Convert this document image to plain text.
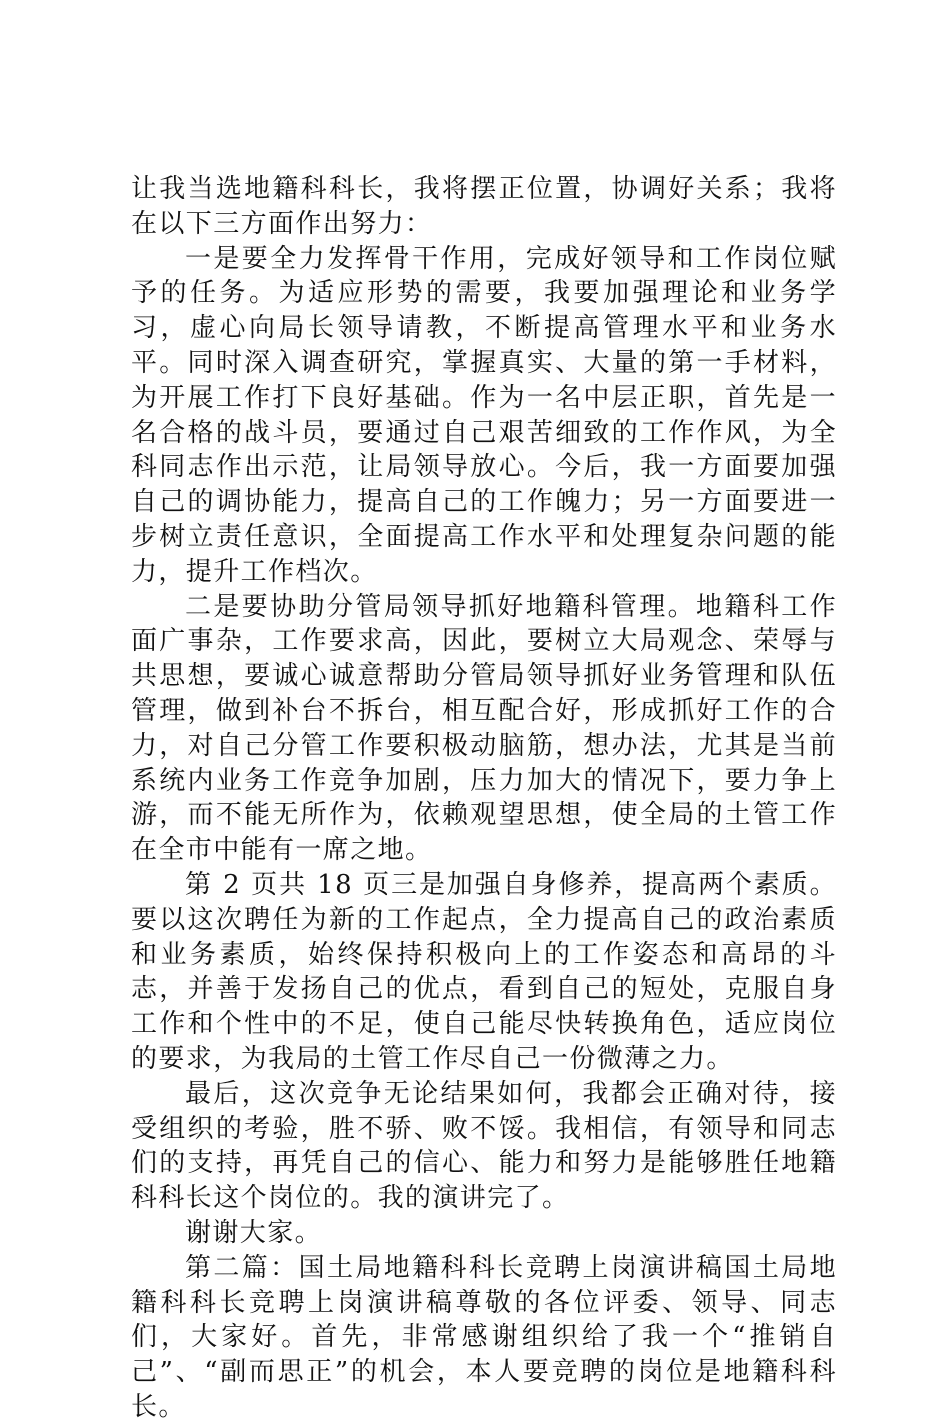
让我当选地籍科科长，我将摆正位置，协调好关系；我将在以下三方面作出努力：

一是要全力发挥骨干作用，完成好领导和工作岗位赋予的任务。为适应形势的需要，我要加强理论和业务学习，虚心向局长领导请教，不断提高管理水平和业务水平。同时深入调查研究，掌握真实、大量的第一手材料，为开展工作打下良好基础。作为一名中层正职，首先是一名合格的战斗员，要通过自己艰苦细致的工作作风，为全科同志作出示范，让局领导放心。今后，我一方面要加强自己的调协能力，提高自己的工作魄力；另一方面要进一步树立责任意识，全面提高工作水平和处理复杂问题的能力，提升工作档次。

二是要协助分管局领导抓好地籍科管理。地籍科工作面广事杂，工作要求高，因此，要树立大局观念、荣辱与共思想，要诚心诚意帮助分管局领导抓好业务管理和队伍管理，做到补台不拆台，相互配合好，形成抓好工作的合力，对自己分管工作要积极动脑筋，想办法，尤其是当前系统内业务工作竞争加剧，压力加大的情况下，要力争上游，而不能无所作为，依赖观望思想，使全局的土管工作在全市中能有一席之地。

第 2 页共 18 页三是加强自身修养，提高两个素质。要以这次聘任为新的工作起点，全力提高自己的政治素质和业务素质，始终保持积极向上的工作姿态和高昂的斗志，并善于发扬自己的优点，看到自己的短处，克服自身工作和个性中的不足，使自己能尽快转换角色，适应岗位的要求，为我局的土管工作尽自己一份微薄之力。

最后，这次竞争无论结果如何，我都会正确对待，接受组织的考验，胜不骄、败不馁。我相信，有领导和同志们的支持，再凭自己的信心、能力和努力是能够胜任地籍科科长这个岗位的。我的演讲完了。

谢谢大家。

第二篇：国土局地籍科科长竞聘上岗演讲稿国土局地籍科科长竞聘上岗演讲稿尊敬的各位评委、领导、同志们，大家好。首先，非常感谢组织给了我一个“推销自己”、“副而思正”的机会，本人要竞聘的岗位是地籍科科长。
